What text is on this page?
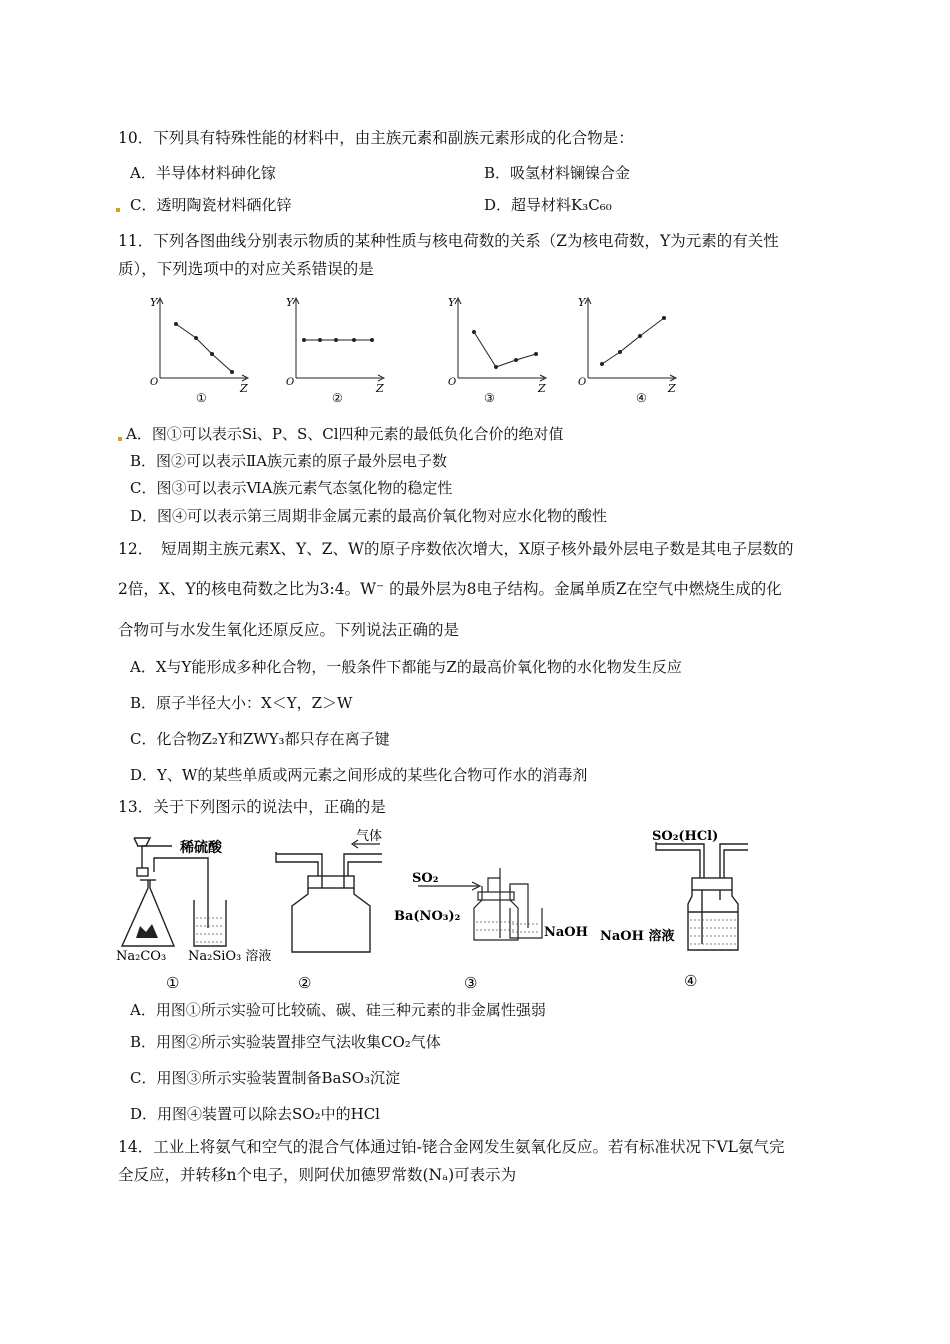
10．下列具有特殊性能的材料中，由主族元素和副族元素形成的化合物是：
A．半导体材料砷化镓	B．吸氢材料镧镍合金
C．透明陶瓷材料硒化锌	D．超导材料K₃C₆₀
11．下列各图曲线分别表示物质的某种性质与核电荷数的关系（Z为核电荷数，Y为元素的有关性
质），下列选项中的对应关系错误的是
Y
O	Z
①
Y
O	Z
②
Y
O	Z
③
Y
O	Z
④
A．图①可以表示Si、P、S、Cl四种元素的最低负化合价的绝对值
B．图②可以表示ⅡA族元素的原子最外层电子数
C．图③可以表示ⅥA族元素气态氢化物的稳定性
D．图④可以表示第三周期非金属元素的最高价氧化物对应水化物的酸性
12．　短周期主族元素X、Y、Z、W的原子序数依次增大，X原子核外最外层电子数是其电子层数的
2倍，X、Y的核电荷数之比为3:4。W⁻ 的最外层为8电子结构。金属单质Z在空气中燃烧生成的化
合物可与水发生氧化还原反应。下列说法正确的是
A．X与Y能形成多种化合物，一般条件下都能与Z的最高价氧化物的水化物发生反应
B．原子半径大小：X＜Y，Z＞W
C．化合物Z₂Y和ZWY₃都只存在离子键
D．Y、W的某些单质或两元素之间形成的某些化合物可作水的消毒剂
13．关于下列图示的说法中，正确的是
稀硫酸
Na₂CO₃ Na₂SiO₃ 溶液
①
气体
②
SO₂
Ba(NO₃)₂
NaOH
③
SO₂(HCl)
NaOH 溶液
④
A．用图①所示实验可比较硫、碳、硅三种元素的非金属性强弱
B．用图②所示实验装置排空气法收集CO₂气体
C．用图③所示实验装置制备BaSO₃沉淀
D．用图④装置可以除去SO₂中的HCl
14．工业上将氨气和空气的混合气体通过铂-铑合金网发生氨氧化反应。若有标准状况下VL氨气完
全反应，并转移n个电子，则阿伏加德罗常数(Nₐ)可表示为
